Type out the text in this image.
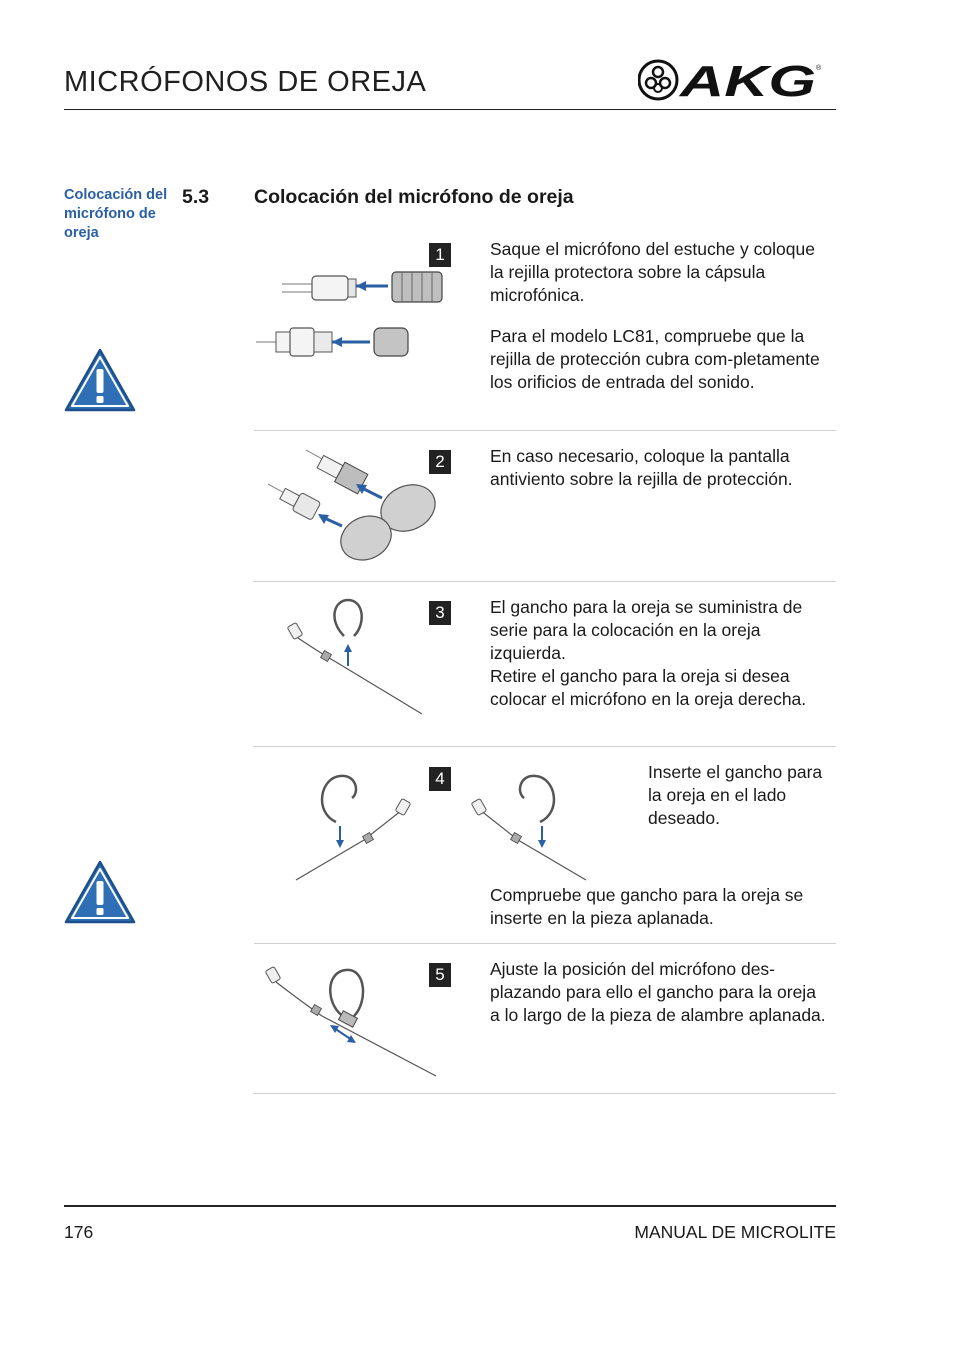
MICRÓFONOS DE OREJA	AKG ®
Colocación del micrófono de oreja
5.3 Colocación del micrófono de oreja
1	Saque el micrófono del estuche y coloque la rejilla protectora sobre la cápsula microfónica.

Para el modelo LC81, compruebe que la rejilla de protección cubra com-pletamente los orificios de entrada del sonido.

2	En caso necesario, coloque la pantalla antiviento sobre la rejilla de protección.

3	El gancho para la oreja se suministra de serie para la colocación en la oreja izquierda.

Retire el gancho para la oreja si desea colocar el micrófono en la oreja derecha.

4	Inserte el gancho para la oreja en el lado deseado.

Compruebe que gancho para la oreja se inserte en la pieza aplanada.

5	Ajuste la posición del micrófono des-plazando para ello el gancho para la oreja a lo largo de la pieza de alambre aplanada.

176	MANUAL DE MICROLITE
